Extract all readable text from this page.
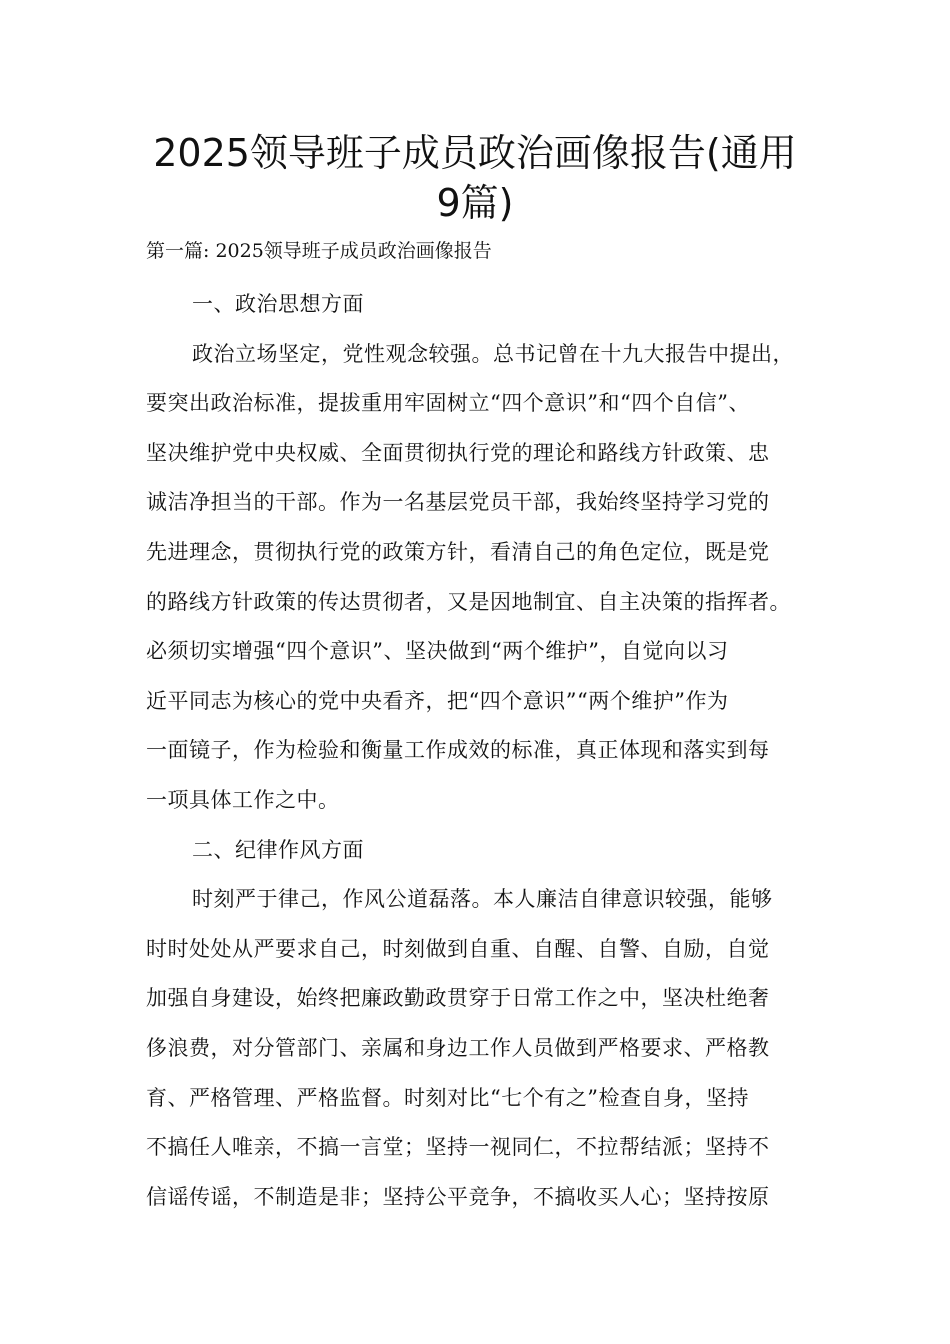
2025领导班子成员政治画像报告(通用
9篇)
第一篇: 2025领导班子成员政治画像报告
一、政治思想方面
政治立场坚定，党性观念较强。总书记曾在十九大报告中提出，
要突出政治标准，提拔重用牢固树立“四个意识”和“四个自信”、
坚决维护党中央权威、全面贯彻执行党的理论和路线方针政策、忠
诚洁净担当的干部。作为一名基层党员干部，我始终坚持学习党的
先进理念，贯彻执行党的政策方针，看清自己的角色定位，既是党
的路线方针政策的传达贯彻者，又是因地制宜、自主决策的指挥者。
必须切实增强“四个意识”、坚决做到“两个维护”，自觉向以习
近平同志为核心的党中央看齐，把“四个意识”“两个维护”作为
一面镜子，作为检验和衡量工作成效的标准，真正体现和落实到每
一项具体工作之中。
二、纪律作风方面
时刻严于律己，作风公道磊落。本人廉洁自律意识较强，能够
时时处处从严要求自己，时刻做到自重、自醒、自警、自励，自觉
加强自身建设，始终把廉政勤政贯穿于日常工作之中，坚决杜绝奢
侈浪费，对分管部门、亲属和身边工作人员做到严格要求、严格教
育、严格管理、严格监督。时刻对比“七个有之”检查自身，坚持
不搞任人唯亲，不搞一言堂；坚持一视同仁，不拉帮结派；坚持不
信谣传谣，不制造是非；坚持公平竞争，不搞收买人心；坚持按原
